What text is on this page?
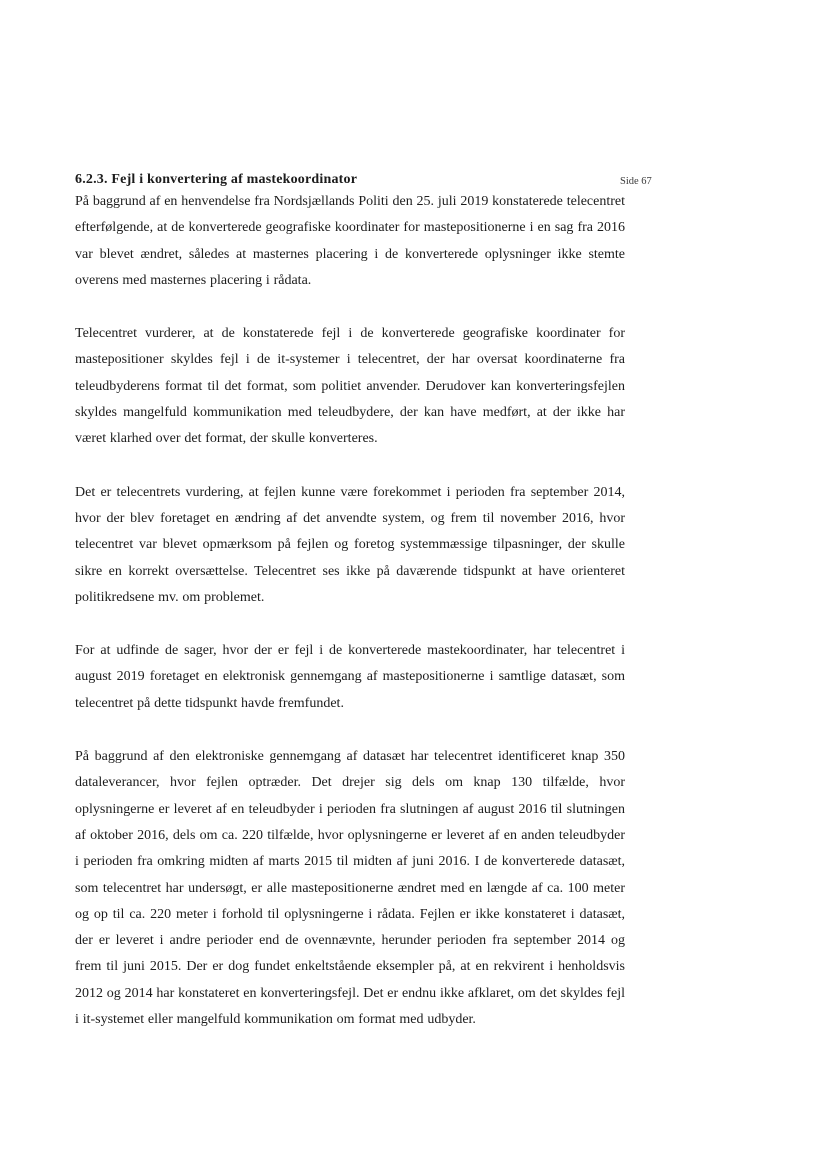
Side 67
6.2.3. Fejl i konvertering af mastekoordinator

På baggrund af en henvendelse fra Nordsjællands Politi den 25. juli 2019 konstaterede telecentret efterfølgende, at de konverterede geografiske koordinater for mastepositionerne i en sag fra 2016 var blevet ændret, således at masternes placering i de konverterede oplysninger ikke stemte overens med masternes placering i rådata.

Telecentret vurderer, at de konstaterede fejl i de konverterede geografiske koordinater for mastepositioner skyldes fejl i de it-systemer i telecentret, der har oversat koordinaterne fra teleudbyderens format til det format, som politiet anvender. Derudover kan konverteringsfejlen skyldes mangelfuld kommunikation med teleudbydere, der kan have medført, at der ikke har været klarhed over det format, der skulle konverteres.

Det er telecentrets vurdering, at fejlen kunne være forekommet i perioden fra september 2014, hvor der blev foretaget en ændring af det anvendte system, og frem til november 2016, hvor telecentret var blevet opmærksom på fejlen og foretog systemmæssige tilpasninger, der skulle sikre en korrekt oversættelse. Telecentret ses ikke på daværende tidspunkt at have orienteret politikredsene mv. om problemet.

For at udfinde de sager, hvor der er fejl i de konverterede mastekoordinater, har telecentret i august 2019 foretaget en elektronisk gennemgang af mastepositionerne i samtlige datasæt, som telecentret på dette tidspunkt havde fremfundet.

På baggrund af den elektroniske gennemgang af datasæt har telecentret identificeret knap 350 dataleverancer, hvor fejlen optræder. Det drejer sig dels om knap 130 tilfælde, hvor oplysningerne er leveret af en teleudbyder i perioden fra slutningen af august 2016 til slutningen af oktober 2016, dels om ca. 220 tilfælde, hvor oplysningerne er leveret af en anden teleudbyder i perioden fra omkring midten af marts 2015 til midten af juni 2016. I de konverterede datasæt, som telecentret har undersøgt, er alle mastepositionerne ændret med en længde af ca. 100 meter og op til ca. 220 meter i forhold til oplysningerne i rådata. Fejlen er ikke konstateret i datasæt, der er leveret i andre perioder end de ovennævnte, herunder perioden fra september 2014 og frem til juni 2015. Der er dog fundet enkeltstående eksempler på, at en rekvirent i henholdsvis 2012 og 2014 har konstateret en konverteringsfejl. Det er endnu ikke afklaret, om det skyldes fejl i it-systemet eller mangelfuld kommunikation om format med udbyder.
